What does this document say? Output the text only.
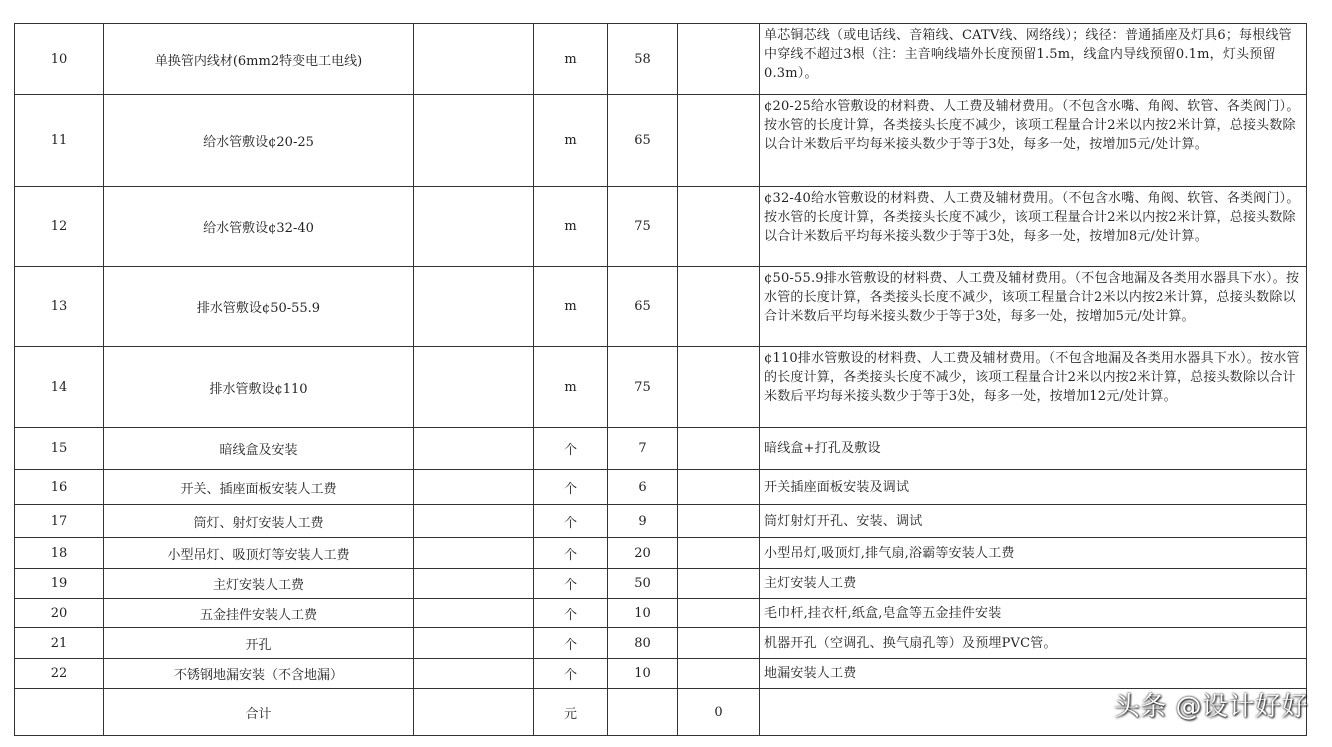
10	单换管内线材(6mm2特变电工电线)		m	58		单芯铜芯线（或电话线、音箱线、CATV线、网络线）；线径：普通插座及灯具6；每根线管中穿线不超过3根（注：主音响线墙外长度预留1.5m，线盒内导线预留0.1m，灯头预留0.3m）。
11	给水管敷设¢20-25		m	65		¢20-25给水管敷设的材料费、人工费及辅材费用。（不包含水嘴、角阀、软管、各类阀门）。按水管的长度计算，各类接头长度不减少，该项工程量合计2米以内按2米计算，总接头数除以合计米数后平均每米接头数少于等于3处，每多一处，按增加5元/处计算。
12	给水管敷设¢32-40		m	75		¢32-40给水管敷设的材料费、人工费及辅材费用。（不包含水嘴、角阀、软管、各类阀门）。 按水管的长度计算，各类接头长度不减少，该项工程量合计2米以内按2米计算，总接头数除以合计米数后平均每米接头数少于等于3处，每多一处，按增加8元/处计算。
13	排水管敷设¢50-55.9		m	65		¢50-55.9排水管敷设的材料费、人工费及辅材费用。（不包含地漏及各类用水器具下水）。按水管的长度计算，各类接头长度不减少，该项工程量合计2米以内按2米计算，总接头数除以合计米数后平均每米接头数少于等于3处，每多一处，按增加5元/处计算。
14	排水管敷设¢110		m	75		¢110排水管敷设的材料费、人工费及辅材费用。（不包含地漏及各类用水器具下水）。按水管的长度计算，各类接头长度不减少，该项工程量合计2米以内按2米计算，总接头数除以合计米数后平均每米接头数少于等于3处，每多一处，按增加12元/处计算。
15	暗线盒及安装		个	7		暗线盒+打孔及敷设
16	开关、插座面板安装人工费		个	6		开关插座面板安装及调试
17	筒灯、射灯安装人工费		个	9		筒灯射灯开孔、安装、调试
18	小型吊灯、吸顶灯等安装人工费		个	20		小型吊灯,吸顶灯,排气扇,浴霸等安装人工费
19	主灯安装人工费		个	50		主灯安装人工费
20	五金挂件安装人工费		个	10		毛巾杆,挂衣杆,纸盒,皂盒等五金挂件安装
21	开孔		个	80		机器开孔（空调孔、换气扇孔等）及预埋PVC管。
22	不锈钢地漏安装（不含地漏）		个	10		地漏安装人工费
	合计		元		0		头条 @设计好好
